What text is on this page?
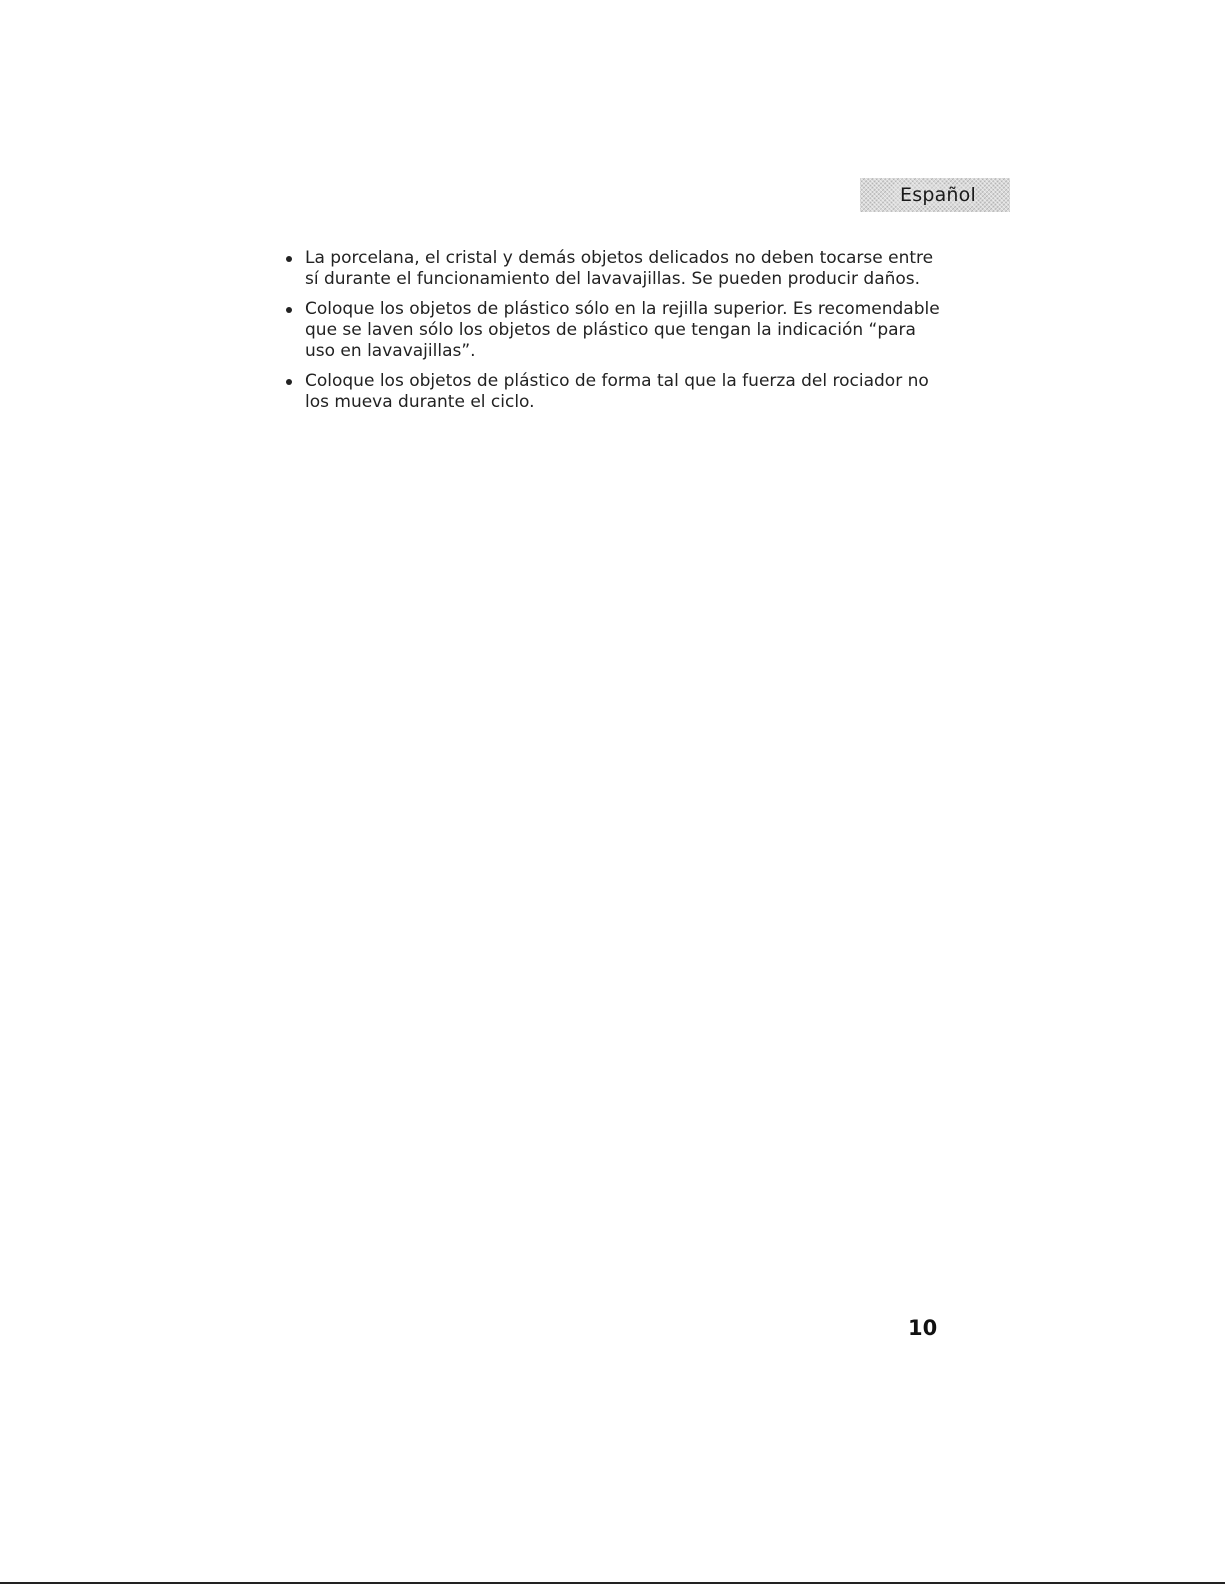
Español
La porcelana, el cristal y demás objetos delicados no deben tocarse entre sí durante el funcionamiento del lavavajillas. Se pueden producir daños.
Coloque los objetos de plástico sólo en la rejilla superior. Es recomendable que se laven sólo los objetos de plástico que tengan la indicación “para uso en lavavajillas”.
Coloque los objetos de plástico de forma tal que la fuerza del rociador no los mueva durante el ciclo.
10
